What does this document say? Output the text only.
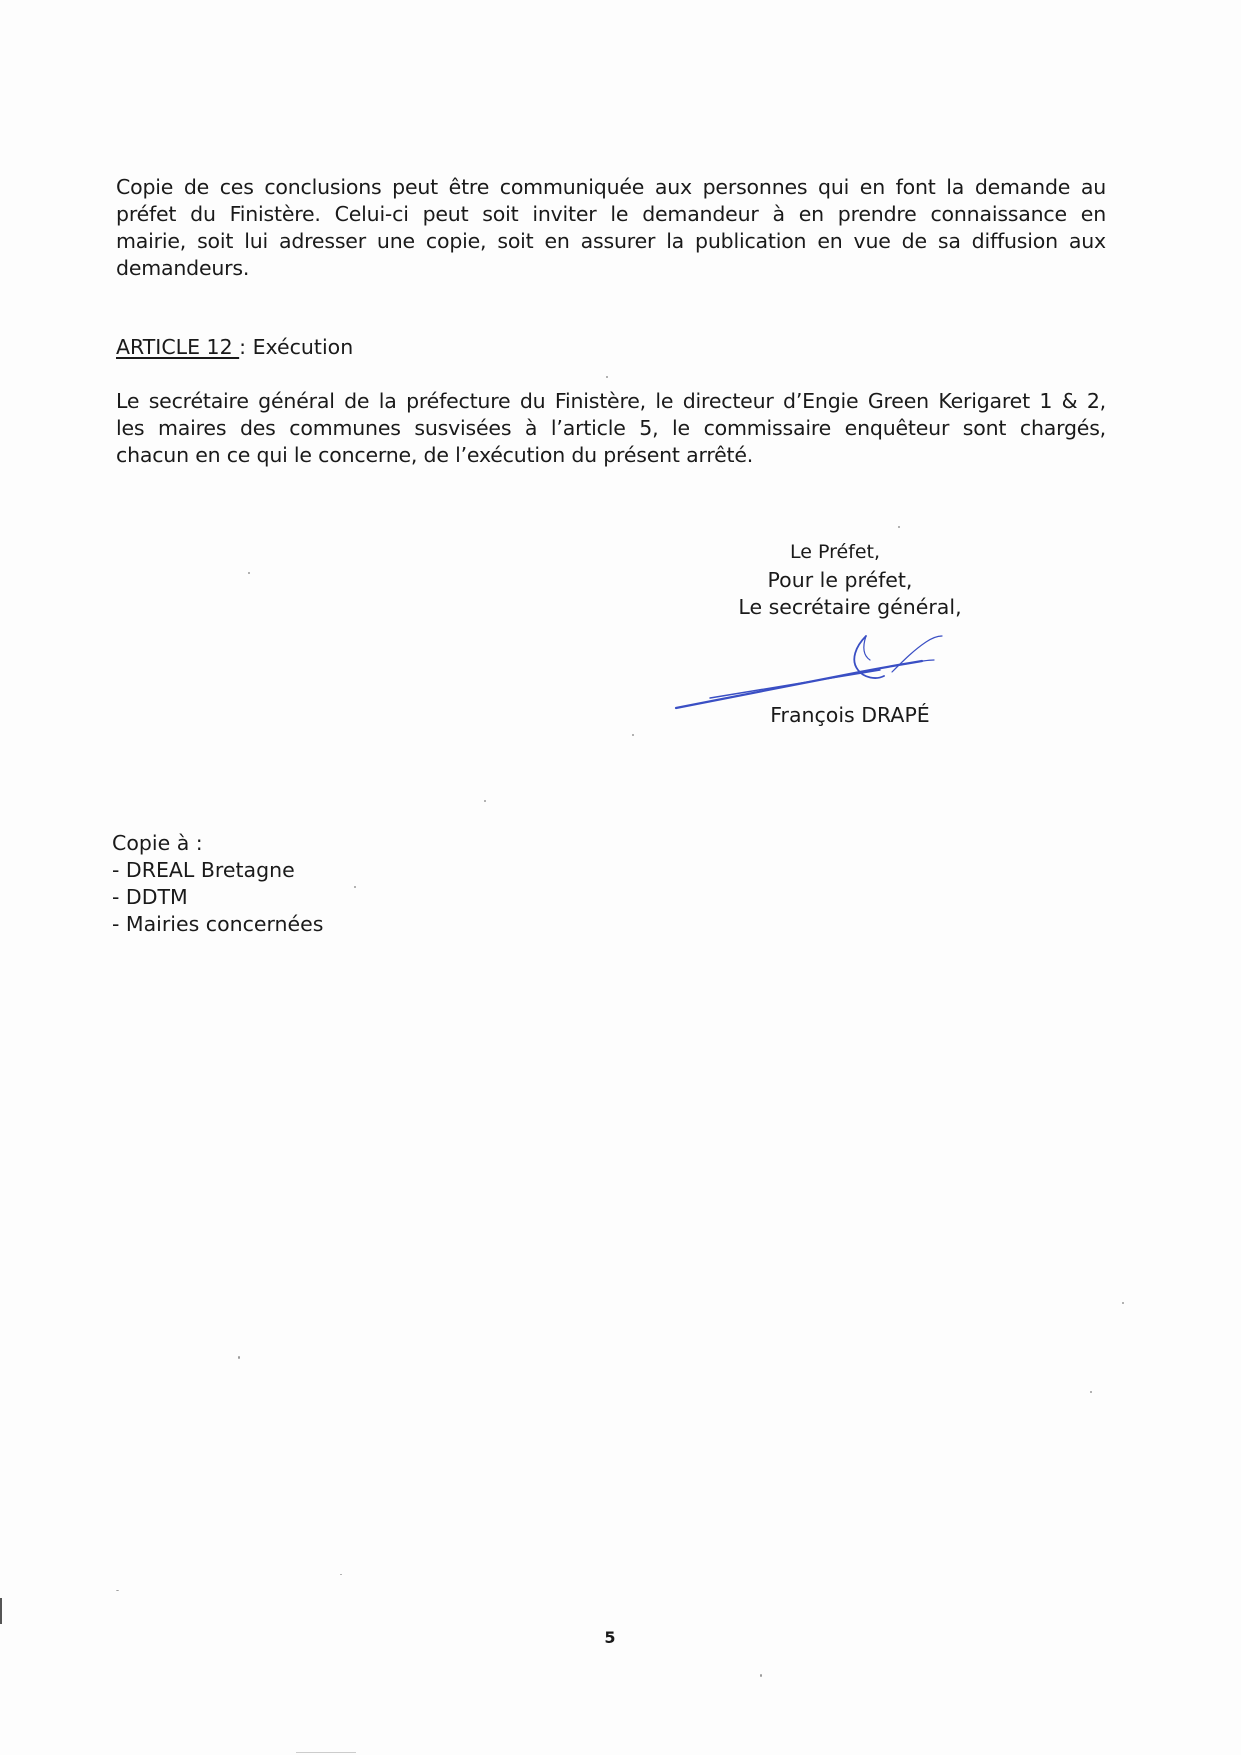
Copie de ces conclusions peut être communiquée aux personnes qui en font la demande au
préfet du Finistère. Celui-ci peut soit inviter le demandeur à en prendre connaissance en
mairie, soit lui adresser une copie, soit en assurer la publication en vue de sa diffusion aux
demandeurs.
ARTICLE 12 : Exécution
Le secrétaire général de la préfecture du Finistère, le directeur d’Engie Green Kerigaret 1 & 2,
les maires des communes susvisées à l’article 5, le commissaire enquêteur sont chargés,
chacun en ce qui le concerne, de l’exécution du présent arrêté.
Le Préfet,
Pour le préfet,
Le secrétaire général,
François DRAPÉ
Copie à :
- DREAL Bretagne
- DDTM
- Mairies concernées
5
